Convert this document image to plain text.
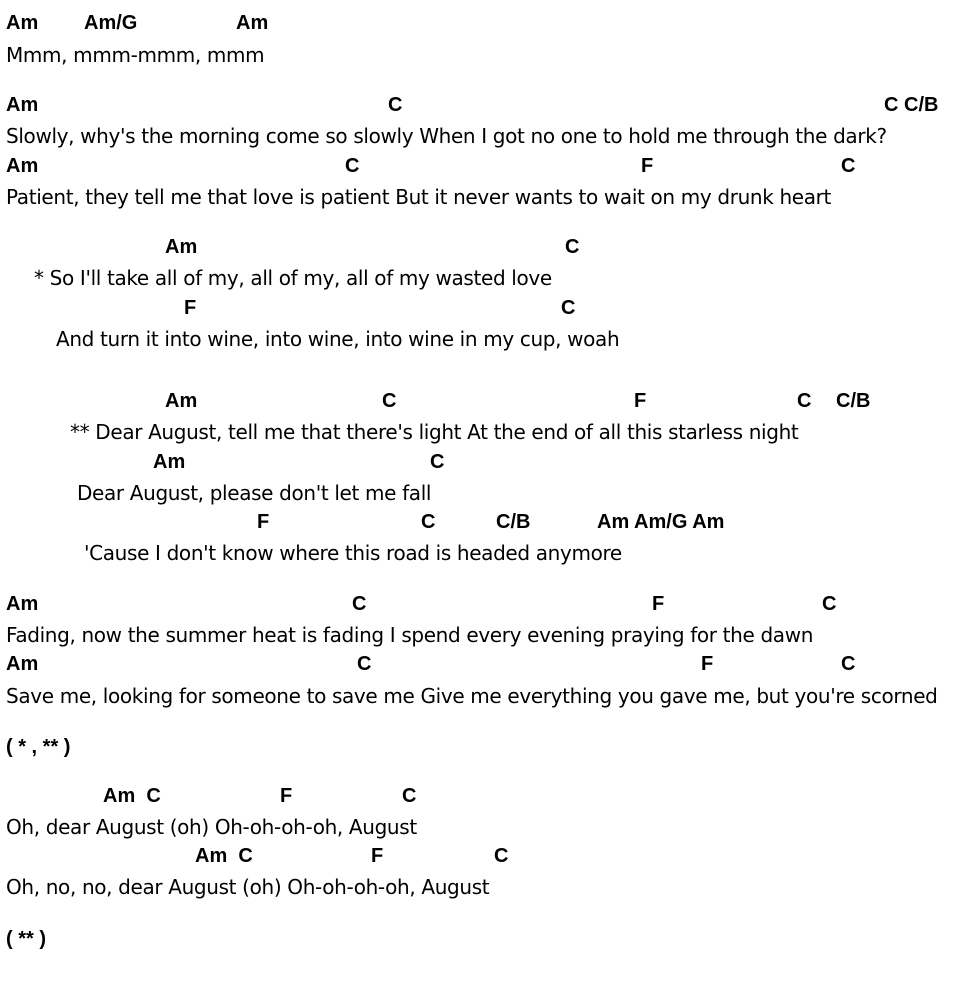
Am Am/G	Am
Mmm, mmm-mmm, mmm
Am	C	C C/B
Slowly, why's the morning come so slowly When I got no one to hold me through the dark?
Am	C	F	C
Patient, they tell me that love is patient But it never wants to wait on my drunk heart
Am	C
* So I'll take all of my, all of my, all of my wasted love
F	C
And turn it into wine, into wine, into wine in my cup, woah
Am	C	F	C C/B
** Dear August, tell me that there's light At the end of all this starless night
Am	C
Dear August, please don't let me fall
F	C	C/B	Am Am/G Am
'Cause I don't know where this road is headed anymore
Am	C	F	C
Fading, now the summer heat is fading I spend every evening praying for the dawn
Am	C	F	C
Save me, looking for someone to save me Give me everything you gave me, but you're scorned
( * , ** )
Am  C	F	C
Oh, dear August (oh) Oh-oh-oh-oh, August
Am  C	F	C
Oh, no, no, dear August (oh) Oh-oh-oh-oh, August
( ** )
